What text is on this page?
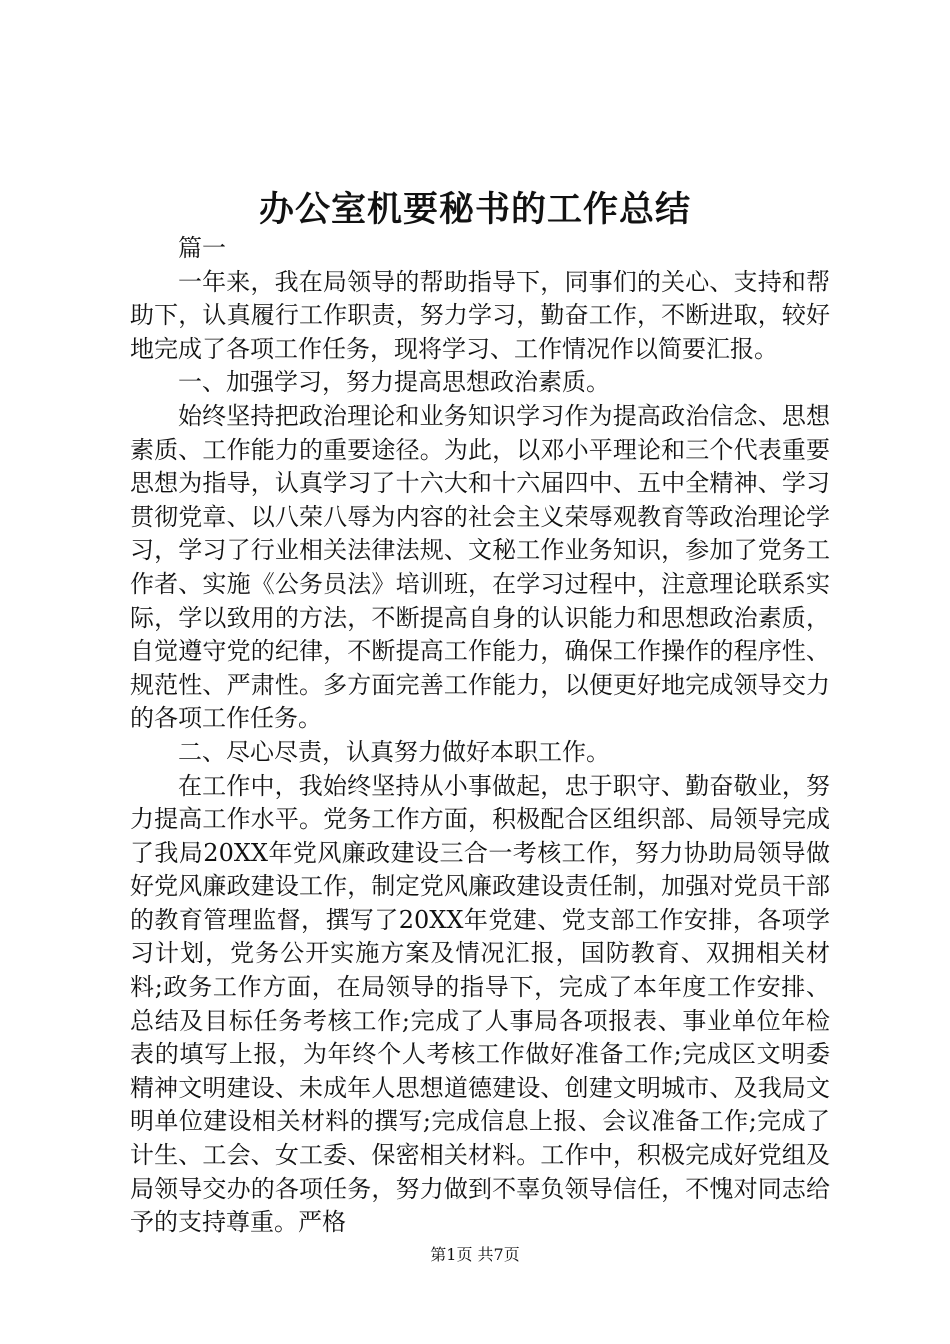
办公室机要秘书的工作总结

篇一

一年来，我在局领导的帮助指导下，同事们的关心、支持和帮助下，认真履行工作职责，努力学习，勤奋工作，不断进取，较好地完成了各项工作任务，现将学习、工作情况作以简要汇报。

一、加强学习，努力提高思想政治素质。

始终坚持把政治理论和业务知识学习作为提高政治信念、思想素质、工作能力的重要途径。为此，以邓小平理论和三个代表重要思想为指导，认真学习了十六大和十六届四中、五中全精神、学习贯彻党章、以八荣八辱为内容的社会主义荣辱观教育等政治理论学习，学习了行业相关法律法规、文秘工作业务知识，参加了党务工作者、实施《公务员法》培训班，在学习过程中，注意理论联系实际，学以致用的方法，不断提高自身的认识能力和思想政治素质，自觉遵守党的纪律，不断提高工作能力，确保工作操作的程序性、规范性、严肃性。多方面完善工作能力，以便更好地完成领导交力的各项工作任务。

二、尽心尽责，认真努力做好本职工作。

在工作中，我始终坚持从小事做起，忠于职守、勤奋敬业，努力提高工作水平。党务工作方面，积极配合区组织部、局领导完成了我局20XX年党风廉政建设三合一考核工作，努力协助局领导做好党风廉政建设工作，制定党风廉政建设责任制，加强对党员干部的教育管理监督，撰写了20XX年党建、党支部工作安排，各项学习计划，党务公开实施方案及情况汇报，国防教育、双拥相关材料;政务工作方面，在局领导的指导下，完成了本年度工作安排、总结及目标任务考核工作;完成了人事局各项报表、事业单位年检表的填写上报，为年终个人考核工作做好准备工作;完成区文明委精神文明建设、未成年人思想道德建设、创建文明城市、及我局文明单位建设相关材料的撰写;完成信息上报、会议准备工作;完成了计生、工会、女工委、保密相关材料。工作中，积极完成好党组及局领导交办的各项任务，努力做到不辜负领导信任，不愧对同志给予的支持尊重。严格

第1页 共7页
